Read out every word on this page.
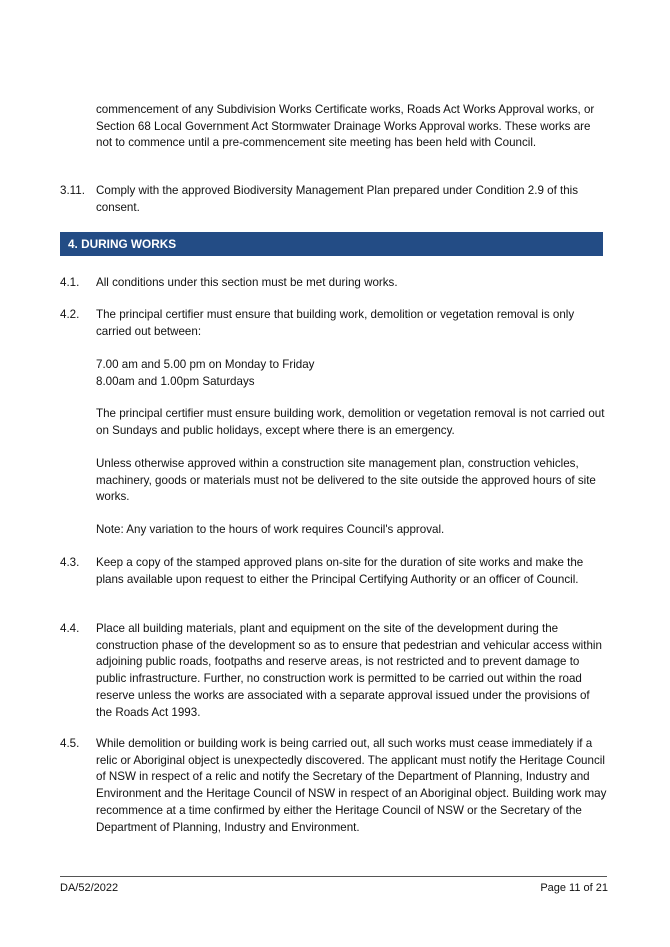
commencement of any Subdivision Works Certificate works, Roads Act Works Approval works, or Section 68 Local Government Act Stormwater Drainage Works Approval works. These works are not to commence until a pre-commencement site meeting has been held with Council.

3.11. Comply with the approved Biodiversity Management Plan prepared under Condition 2.9 of this consent.

4. DURING WORKS

4.1.	All conditions under this section must be met during works.

4.2.	The principal certifier must ensure that building work, demolition or vegetation removal is only carried out between:

7.00 am and 5.00 pm on Monday to Friday

8.00am and 1.00pm Saturdays

The principal certifier must ensure building work, demolition or vegetation removal is not carried out on Sundays and public holidays, except where there is an emergency.

Unless otherwise approved within a construction site management plan, construction vehicles, machinery, goods or materials must not be delivered to the site outside the approved hours of site works.

Note: Any variation to the hours of work requires Council's approval.

4.3.	Keep a copy of the stamped approved plans on-site for the duration of site works and make the plans available upon request to either the Principal Certifying Authority or an officer of Council.

4.4.	Place all building materials, plant and equipment on the site of the development during the construction phase of the development so as to ensure that pedestrian and vehicular access within adjoining public roads, footpaths and reserve areas, is not restricted and to prevent damage to public infrastructure. Further, no construction work is permitted to be carried out within the road reserve unless the works are associated with a separate approval issued under the provisions of the Roads Act 1993.

4.5.	While demolition or building work is being carried out, all such works must cease immediately if a relic or Aboriginal object is unexpectedly discovered. The applicant must notify the Heritage Council of NSW in respect of a relic and notify the Secretary of the Department of Planning, Industry and Environment and the Heritage Council of NSW in respect of an Aboriginal object. Building work may recommence at a time confirmed by either the Heritage Council of NSW or the Secretary of the Department of Planning, Industry and Environment.

DA/52/2022	Page 11 of 21
